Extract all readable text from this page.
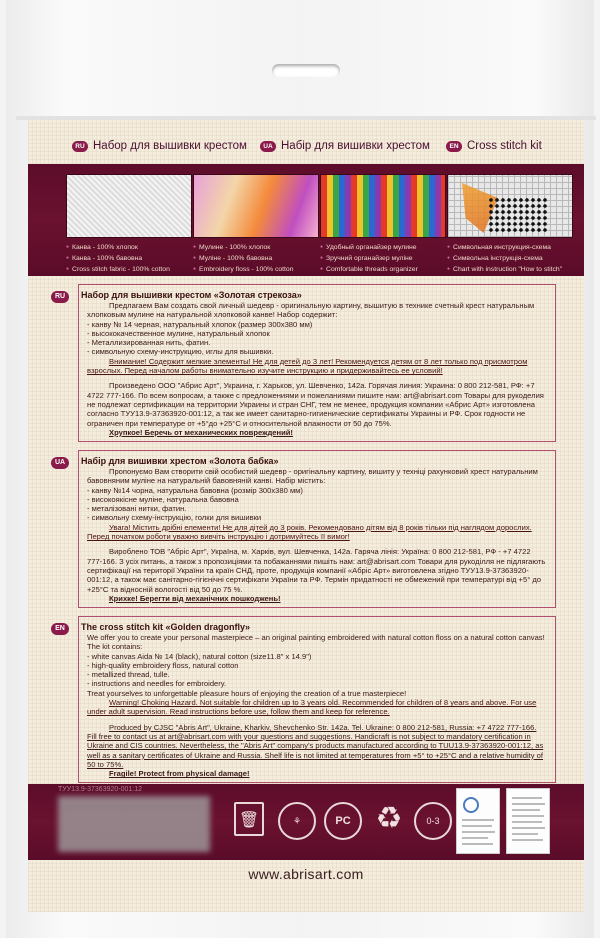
RU Набор для вышивки крестом	UA Набір для вишивки хрестом	EN Cross stitch kit
● Канва - 100% хлопок
● Канва - 100% бавовна
● Cross stitch fabric - 100% cotton
● Мулине - 100% хлопок
● Муліне - 100% бавовна
● Embroidery floss - 100% cotton
● Удобный органайзер мулине
● Зручний органайзер муліне
● Comfortable threads organizer
● Символьная инструкция-схема
● Символьна інструкція-схема
● Chart with instruction "How to stitch"
RU	Набор для вышивки крестом «Золотая стрекоза»

Предлагаем Вам создать свой личный шедевр - оригинальную картину, вышитую в технике счетный крест натуральным хлопковым мулине на натуральной хлопковой канве! Набор содержит:

- канву № 14 черная, натуральный хлопок (размер 300х380 мм)
- высококачественное мулине, натуральный хлопок
- Металлизированная нить, фатин.
- символьную схему-инструкцию, иглы для вышивки.

Внимание! Содержит мелкие элементы! Не для детей до 3 лет! Рекомендуется детям от 8 лет только под присмотром взрослых. Перед началом работы внимательно изучите инструкцию и придерживайтесь ее условий!

Произведено ООО "Абрис Арт", Украина, г. Харьков, ул. Шевченко, 142а. Горячая линия: Украина: 0 800 212-581, РФ: +7 4722 777-166. По всем вопросам, а также с предложениями и пожеланиями пишите нам: art@abrisart.com Товары для рукоделия не подлежат сертификации на территории Украины и стран СНГ, тем не менее, продукция компании «Абрис Арт» изготовлена согласно ТУУ13.9-37363920-001:12, а так же имеет санитарно-гигиенические сертификаты Украины и РФ. Срок годности не ограничен при температуре от +5°до +25°C и относительной влажности от 50 до 75%.

Хрупкое! Беречь от механических повреждений!

UA	Набір для вишивки хрестом «Золота бабка»

Пропонуємо Вам створити свій особистий шедевр - оригінальну картину, вишиту у техніці рахунковий хрест натуральним бавовняним муліне на натуральній бавовняній канві. Набір містить:

- канву №14 чорна, натуральна бавовна (розмір 300х380 мм)
- високоякісне муліне, натуральна бавовна
- металізовані нитки, фатин.
- символьну схему-інструкцію, голки для вишивки

Увага! Містить дрібні елементи! Не для дітей до 3 років. Рекомендовано дітям від 8 років тільки під наглядом дорослих. Перед початком роботи уважно вивчіть інструкцію і дотримуйтесь її вимог!

Виробленo ТОВ "Абріс Арт", Україна, м. Харків, вул. Шевченка, 142а. Гаряча лінія: Україна: 0 800 212-581, РФ - +7 4722 777-166. З усіх питань, а також з пропозиціями та побажаннями пишіть нам: art@abrisart.com Товари для рукоділля не підлягають сертифікації на території України та країн СНД, проте, продукція компанії «Абріс Арт» виготовлена згідно ТУУ13.9-37363920-001:12, а також має санітарно-гігієнічні сертифікати України та РФ. Термін придатності не обмежений при температурі від +5° до +25°C та відносній вологості від 50 до 75 %.

Крихке! Берегти від механічних пошкоджень!

EN	The cross stitch kit «Golden dragonfly»

We offer you to create your personal masterpiece – an original painting embroidered with natural cotton floss on a natural cotton canvas! The kit contains:

- white canvas Aida № 14 (black), natural cotton (size11.8" x 14.9")
- high-quality embroidery floss, natural cotton
- metallized thread, tulle.
- instructions and needles for embroidery.

Treat yourselves to unforgettable pleasure hours of enjoying the creation of a true masterpiece!

Warning! Choking Hazard. Not suitable for children up to 3 years old. Recommended for children of 8 years and above. For use under adult supervision. Read instructions before use, follow them and keep for reference.

Produced by CJSC "Abris Art", Ukraine, Kharkiv, Shevchenko Str. 142a. Tel. Ukraine: 0 800 212-581, Russia: +7 4722 777-166. Fill free to contact us at art@abrisart.com with your questions and suggestions. Handicraft is not subject to mandatory certification in Ukraine and CIS countries. Nevertheless, the "Abris Art" company's products manufactured according to TUU13.9-37363920-001:12, as well as a sanitary certificates of Ukraine and Russia. Shelf life is not limited at temperatures from +5° to +25°C and a relative humidity of 50 to 75%.

Fragile! Protect from physical damage!

ТУУ13.9-37363920-001:12
🗑	⚘	PC ♻	0-3
www.abrisart.com
